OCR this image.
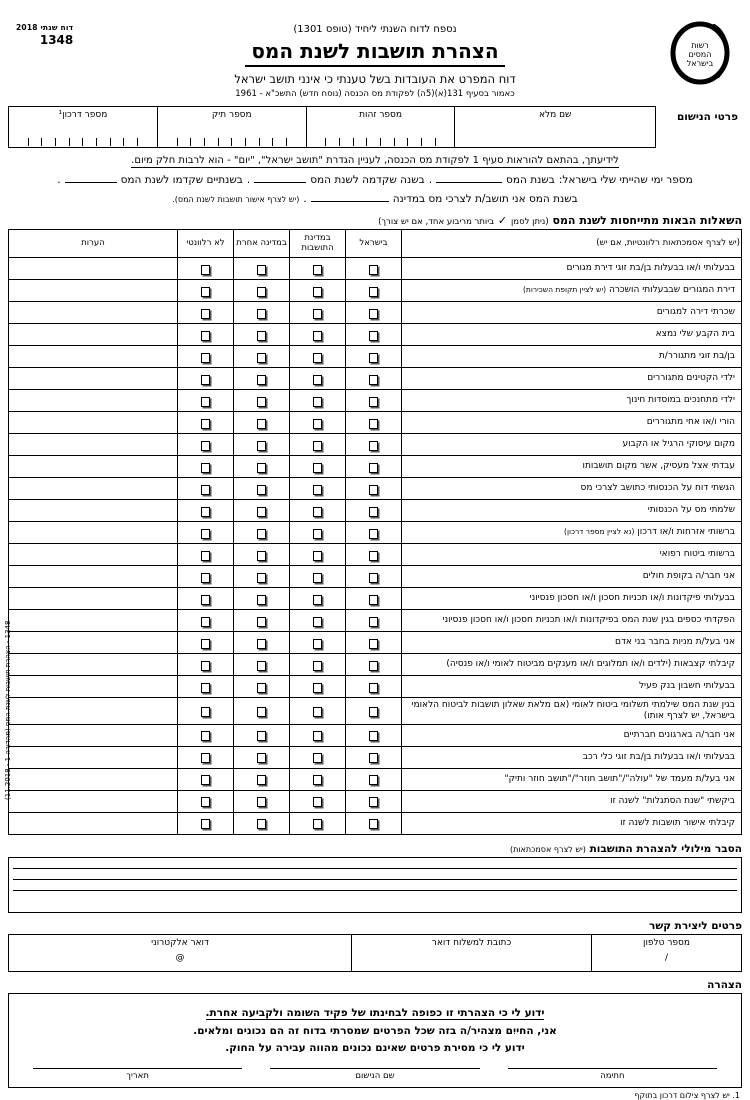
דוח שנתי 2018
1348	רשות
המסים
בישראל
נספח לדוח השנתי ליחיד (טופס 1301)
הצהרת תושבות לשנת המס
דוח המפרט את העובדות בשל טענתי כי אינני תושב ישראל
כאמור בסעיף 131(א)(5ה) לפקודת מס הכנסה (נוסח חדש) התשכ"א - 1961
פרטי הנישום
שם מלא
מספר זהות
מספר תיק
מספר דרכון¹
לידיעתך, בהתאם להוראות סעיף 1 לפקודת מס הכנסה, לעניין הגדרת "תושב ישראל", "יום" - הוא לרבות חלק מיום.
מספר ימי שהייתי שלי בישראל:
בשנת המס
.
בשנה שקדמה לשנת המס
.
בשנתיים שקדמו לשנת המס
.
בשנת המס אני תושב/ת לצרכי מס במדינה
.
(יש לצרף אישור תושבות לשנת המס).
השאלות הבאות מתייחסות לשנת המס (ניתן לסמן ✓ ביותר מריבוע אחד, אם יש צורך)
(יש לצרף אסמכתאות רלוונטיות, אם יש)	בישראל	במדינת התושבות	במדינה אחרת	לא רלוונטי	הערות
בבעלותי ו/או בבעלות בן/בת זוגי דירת מגורים					
דירת המגורים שבבעלותי הושכרה (יש לציין תקופת השכירות)					
שכרתי דירה למגורים					
בית הקבע שלי נמצא					
בן/בת זוגי מתגורר/ת					
ילדי הקטינים מתגוררים					
ילדי מתחנכים במוסדות חינוך					
הורי ו/או אחי מתגוררים					
מקום עיסוקי הרגיל או הקבוע					
עבדתי אצל מעסיק, אשר מקום תושבותו					
הגשתי דוח על הכנסותי כתושב לצרכי מס					
שלמתי מס על הכנסותי					
ברשותי אזרחות ו/או דרכון (נא לציין מספר דרכון)					
ברשותי ביטוח רפואי					
אני חבר/ה בקופת חולים					
בבעלותי פיקדונות ו/או תכניות חסכון ו/או חסכון פנסיוני					
הפקדתי כספים בגין שנת המס בפיקדונות ו/או תכניות חסכון ו/או חסכון פנסיוני					
אני בעל/ת מניות בחבר בני אדם					
קיבלתי קצבאות (ילדים ו/או תמלוגים ו/או מענקים מביטוח לאומי ו/או פנסיה)					
בבעלותי חשבון בנק פעיל					
בגין שנת המס שילמתי תשלומי ביטוח לאומי (אם מלאת שאלון תושבות לביטוח הלאומי בישראל, יש לצרף אותו)					
אני חבר/ה בארגונים חברתיים					
בבעלותי ו/או בבעלות בן/בת זוגי כלי רכב					
אני בעל/ת מעמד של "עולה"/"תושב חוזר"/"תושב חוזר ותיק"					
ביקשתי "שנת הסתגלות" לשנה זו					
קיבלתי אישור תושבות לשנה זו					
הסבר מילולי להצהרת התושבות (יש לצרף אסמכתאות)
פרטים ליצירת קשר
מספר טלפון
/
כתובת למשלוח דואר
דואר אלקטרוני
@
הצהרה
ידוע לי כי הצהרתי זו כפופה לבחינתו של פקיד השומה ולקביעה אחרת.
אני, החייִם מצהיר/ה בזה שכל הפרטים שמסרתי בדוח זה הם נכונים ומלאים.
ידוע לי כי מסירת פרטים שאינם נכונים מהווה עבירה על החוק.
חתימה
שם הנישום
תאריך
1. יש לצרף צילום דרכון בתוקף
1348 - הצהרת תושבות לשנת המס (מהדורה 1 - 11.2018)
